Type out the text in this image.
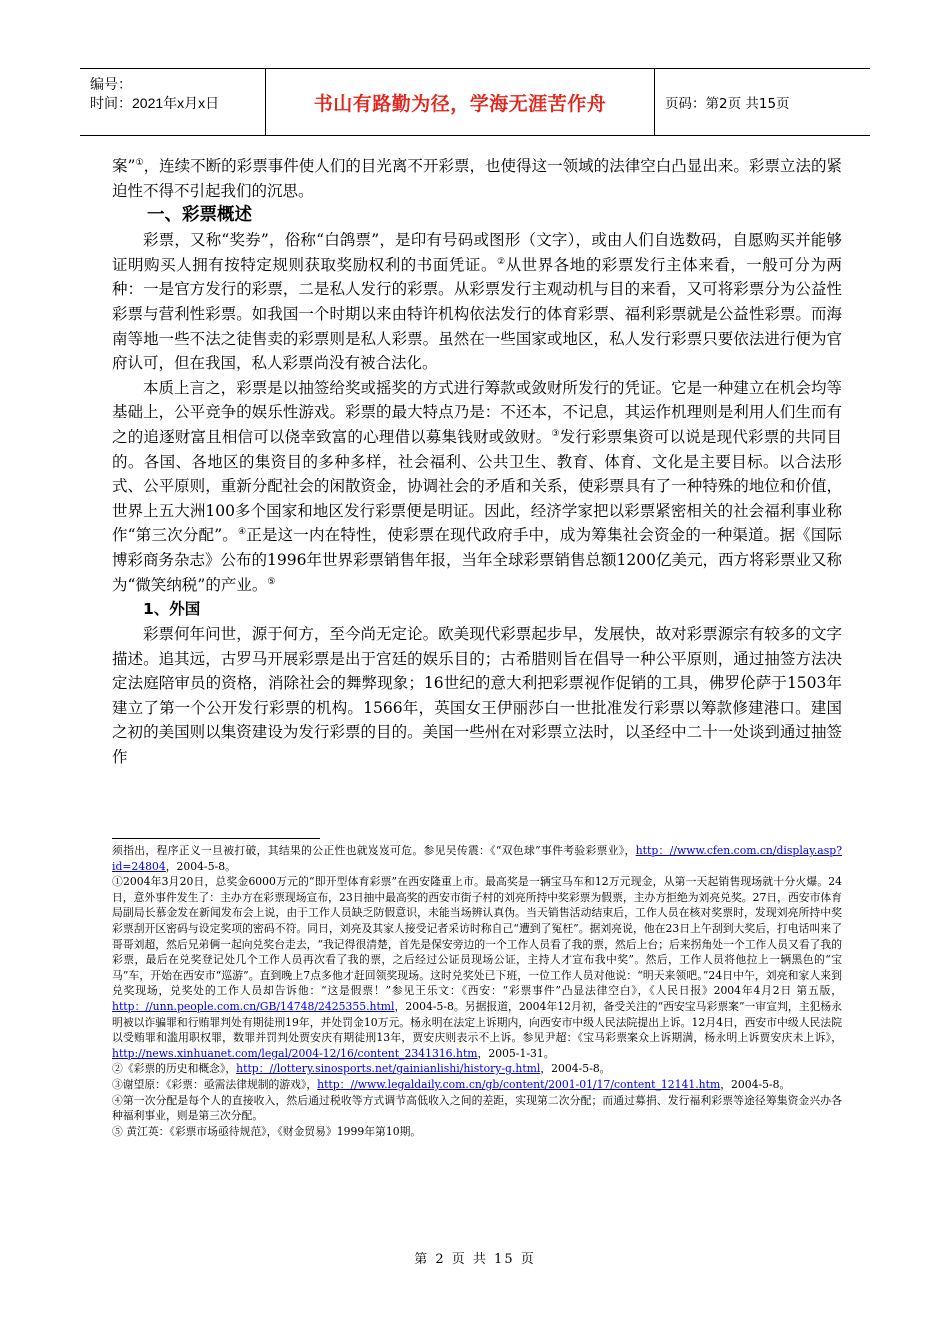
编号：
时间：2021年x月x日	书山有路勤为径，学海无涯苦作舟	页码：第2页 共15页

案”①，连续不断的彩票事件使人们的目光离不开彩票，也使得这一领域的法律空白凸显出来。彩票立法的紧迫性不得不引起我们的沉思。

一、彩票概述

彩票，又称“奖券”，俗称“白鸽票”，是印有号码或图形（文字），或由人们自选数码，自愿购买并能够证明购买人拥有按特定规则获取奖励权利的书面凭证。②从世界各地的彩票发行主体来看，一般可分为两种：一是官方发行的彩票，二是私人发行的彩票。从彩票发行主观动机与目的来看，又可将彩票分为公益性彩票与营利性彩票。如我国一个时期以来由特许机构依法发行的体育彩票、福利彩票就是公益性彩票。而海南等地一些不法之徒售卖的彩票则是私人彩票。虽然在一些国家或地区，私人发行彩票只要依法进行便为官府认可，但在我国，私人彩票尚没有被合法化。

本质上言之，彩票是以抽签给奖或摇奖的方式进行筹款或敛财所发行的凭证。它是一种建立在机会均等基础上，公平竞争的娱乐性游戏。彩票的最大特点乃是：不还本，不记息，其运作机理则是利用人们生而有之的追逐财富且相信可以侥幸致富的心理借以募集钱财或敛财。③发行彩票集资可以说是现代彩票的共同目的。各国、各地区的集资目的多种多样，社会福利、公共卫生、教育、体育、文化是主要目标。以合法形式、公平原则，重新分配社会的闲散资金，协调社会的矛盾和关系，使彩票具有了一种特殊的地位和价值，世界上五大洲100多个国家和地区发行彩票便是明证。因此，经济学家把以彩票紧密相关的社会福利事业称作“第三次分配”。④正是这一内在特性，使彩票在现代政府手中，成为筹集社会资金的一种渠道。据《国际博彩商务杂志》公布的1996年世界彩票销售年报，当年全球彩票销售总额1200亿美元，西方将彩票业又称为“微笑纳税”的产业。⑤

1、外国

彩票何年问世，源于何方，至今尚无定论。欧美现代彩票起步早，发展快，故对彩票源宗有较多的文字描述。追其远，古罗马开展彩票是出于宫廷的娱乐目的；古希腊则旨在倡导一种公平原则，通过抽签方法决定法庭陪审员的资格，消除社会的舞弊现象；16世纪的意大利把彩票视作促销的工具，佛罗伦萨于1503年建立了第一个公开发行彩票的机构。1566年，英国女王伊丽莎白一世批准发行彩票以筹款修建港口。建国之初的美国则以集资建设为发行彩票的目的。美国一些州在对彩票立法时，以圣经中二十一处谈到通过抽签作

须指出，程序正义一旦被打破，其结果的公正性也就岌岌可危。参见吴传震：《“双色球”事件考验彩票业》，http：//www.cfen.com.cn/display.asp?id=24804，2004-5-8。

①2004年3月20日，总奖金6000万元的“即开型体育彩票”在西安隆重上市。最高奖是一辆宝马车和12万元现金，从第一天起销售现场就十分火爆。24日，意外事件发生了：主办方在彩票现场宣布，23日抽中最高奖的西安市街子村的刘亮所持中奖彩票为假票，主办方拒绝为刘亮兑奖。27日，西安市体育局副局长慕金发在新闻发布会上说，由于工作人员缺乏防假意识，未能当场辨认真伪。当天销售活动结束后，工作人员在核对奖票时，发现刘亮所持中奖彩票刮开区密码与设定奖项的密码不符。同日，刘亮及其家人接受记者采访时称自己“遭到了冤枉”。据刘亮说，他在23日上午刮到大奖后，打电话叫来了哥哥刘超，然后兄弟俩一起向兑奖台走去，“我记得很清楚，首先是保安旁边的一个工作人员看了我的票，然后上台；后来拐角处一个工作人员又看了我的彩票，最后在兑奖登记处几个工作人员再次看了我的票，之后经过公证员现场公证，主持人才宣布我中奖”。然后，工作人员将他拉上一辆黑色的“宝马”车，开始在西安市“巡游”。直到晚上7点多他才赶回领奖现场。这时兑奖处已下班，一位工作人员对他说：“明天来领吧。”24日中午，刘亮和家人来到兑奖现场，兑奖处的工作人员却告诉他：“这是假票！”参见王乐文：《西安：“彩票事件”凸显法律空白》，《人民日报》2004年4月2日 第五版，http：//unn.people.com.cn/GB/14748/2425355.html，2004-5-8。另据报道，2004年12月初，备受关注的“西安宝马彩票案”一审宣判，主犯杨永明被以诈骗罪和行贿罪判处有期徒刑19年，并处罚金10万元。杨永明在法定上诉期内，向西安市中级人民法院提出上诉。12月4日，西安市中级人民法院以受贿罪和滥用职权罪，数罪并罚判处贾安庆有期徒刑13年，贾安庆则表示不上诉。参见尹超：《宝马彩票案众上诉期满，杨永明上诉贾安庆未上诉》，http://news.xinhuanet.com/legal/2004-12/16/content_2341316.htm，2005-1-31。

②《彩票的历史和概念》，http：//lottery.sinosports.net/gainianlishi/history-g.html，2004-5-8。

③谢望原：《彩票：亟需法律规制的游戏》，http：//www.legaldaily.com.cn/gb/content/2001-01/17/content_12141.htm，2004-5-8。

④第一次分配是每个人的直接收入，然后通过税收等方式调节高低收入之间的差距，实现第二次分配；而通过募捐、发行福利彩票等途径筹集资金兴办各种福利事业，则是第三次分配。

⑤ 黄江英：《彩票市场亟待规范》，《财金贸易》1999年第10期。

第 2 页 共 15 页
